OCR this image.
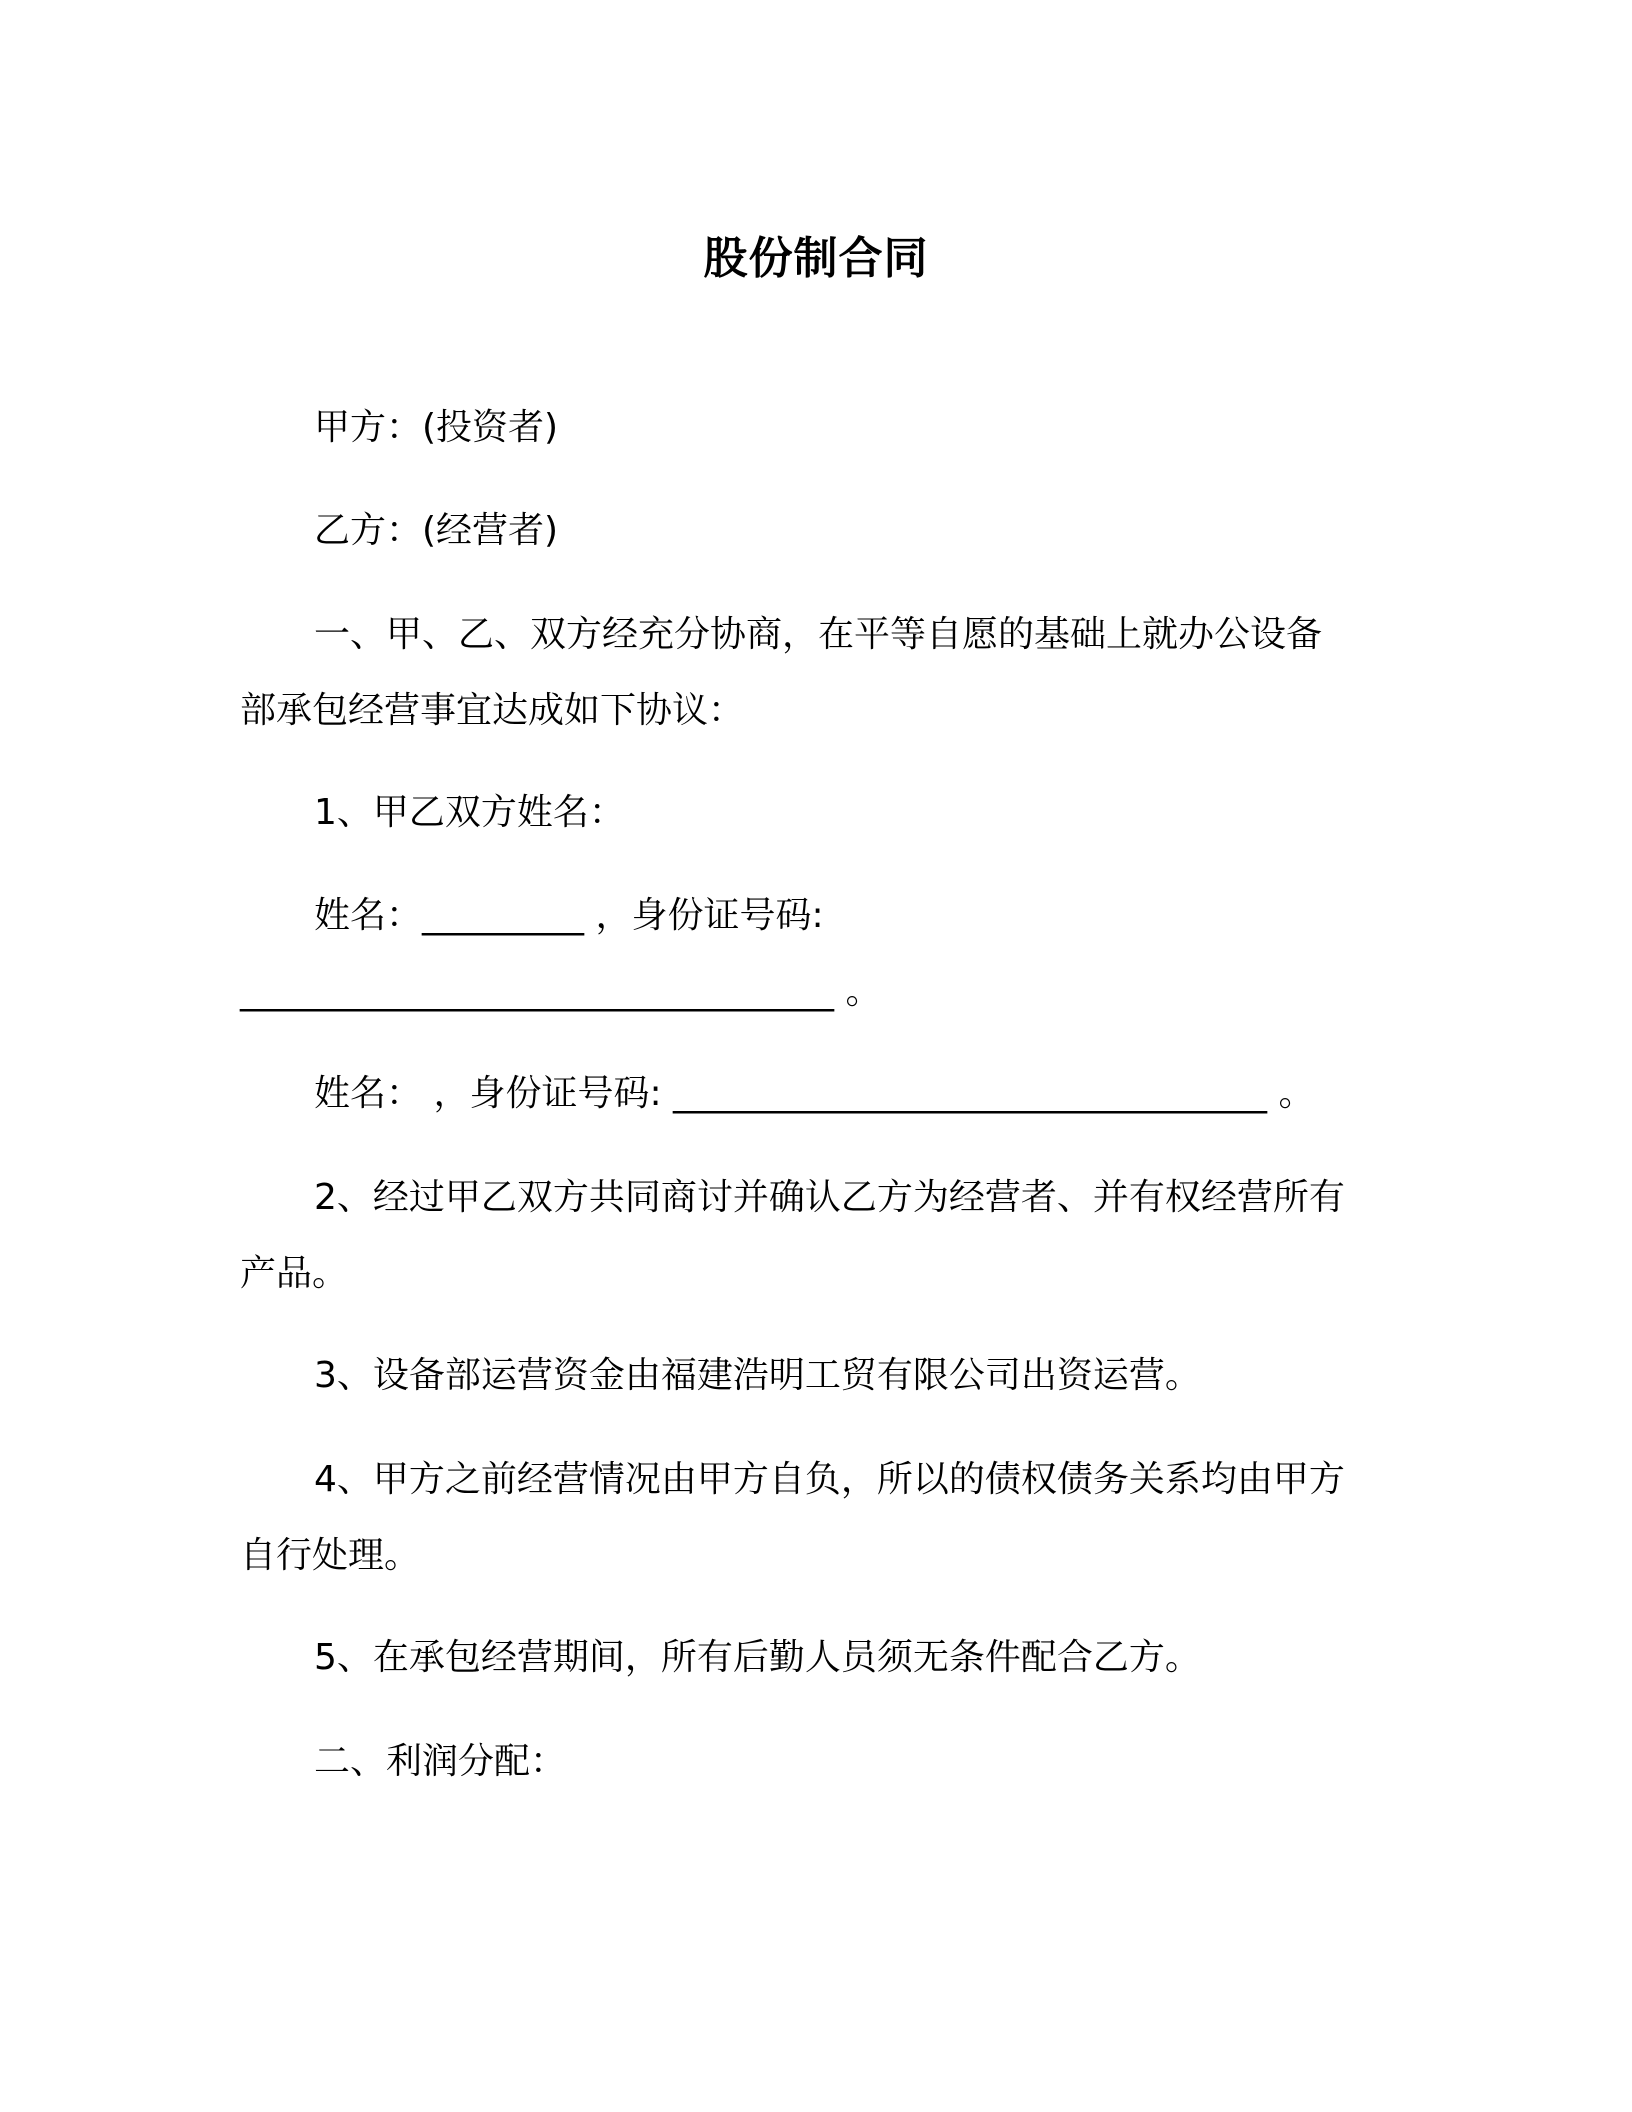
股份制合同

甲方：(投资者)

乙方：(经营者)

一、甲、乙、双方经充分协商，在平等自愿的基础上就办公设备
部承包经营事宜达成如下协议：

1、甲乙双方姓名：

姓名：_________ ，身份证号码:
_________________________________ 。

姓名： ，身份证号码: _________________________________ 。

2、经过甲乙双方共同商讨并确认乙方为经营者、并有权经营所有
产品。

3、设备部运营资金由福建浩明工贸有限公司出资运营。

4、甲方之前经营情况由甲方自负，所以的债权债务关系均由甲方
自行处理。

5、在承包经营期间，所有后勤人员须无条件配合乙方。

二、利润分配：
